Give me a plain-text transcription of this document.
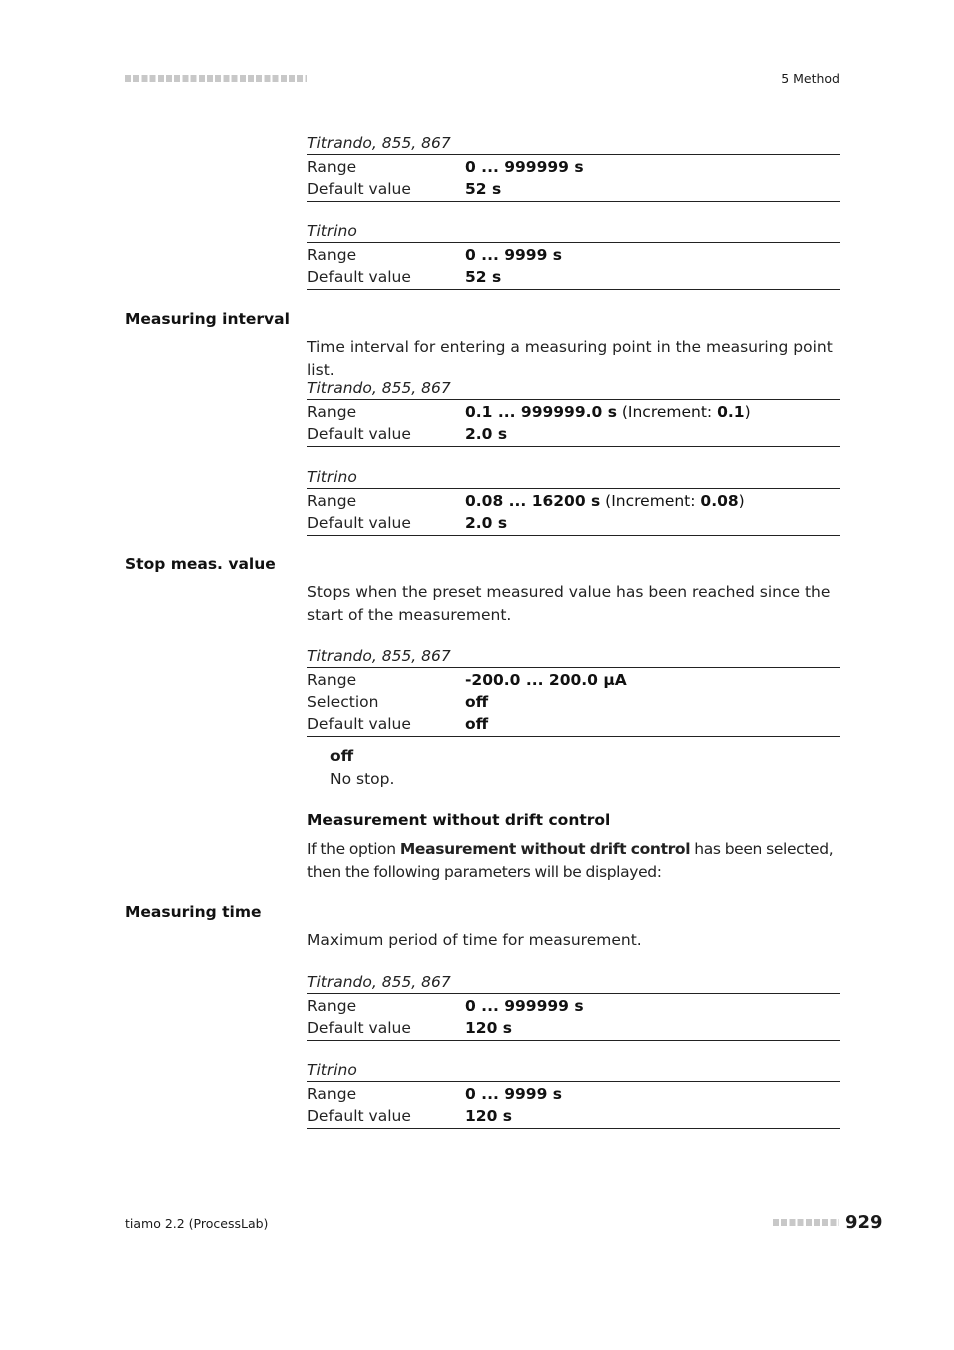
5 Method
Titrando, 855, 867
Range	0 ... 999999 s
Default value	52 s
Titrino
Range	0 ... 9999 s
Default value	52 s
Measuring interval
Time interval for entering a measuring point in the measuring point list.
Titrando, 855, 867
Range	0.1 ... 999999.0 s (Increment: 0.1)
Default value	2.0 s
Titrino
Range	0.08 ... 16200 s (Increment: 0.08)
Default value	2.0 s
Stop meas. value
Stops when the preset measured value has been reached since the start of the measurement.
Titrando, 855, 867
Range	-200.0 ... 200.0 µA
Selection	off
Default value	off
off
No stop.
Measurement without drift control
If the option Measurement without drift control has been selected, then the following parameters will be displayed:
Measuring time
Maximum period of time for measurement.
Titrando, 855, 867
Range	0 ... 999999 s
Default value	120 s
Titrino
Range	0 ... 9999 s
Default value	120 s
tiamo 2.2 (ProcessLab)	929
